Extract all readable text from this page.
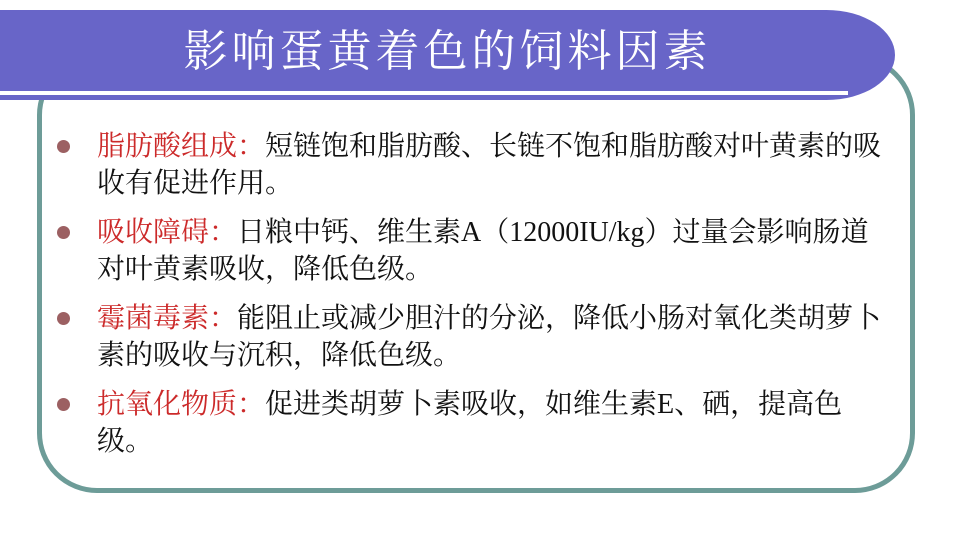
影响蛋黄着色的饲料因素
脂肪酸组成：短链饱和脂肪酸、长链不饱和脂肪酸对叶黄素的吸收有促进作用。
吸收障碍：日粮中钙、维生素A（12000IU/kg）过量会影响肠道对叶黄素吸收，降低色级。
霉菌毒素：能阻止或减少胆汁的分泌，降低小肠对氧化类胡萝卜素的吸收与沉积，降低色级。
抗氧化物质：促进类胡萝卜素吸收，如维生素E、硒，提高色级。
